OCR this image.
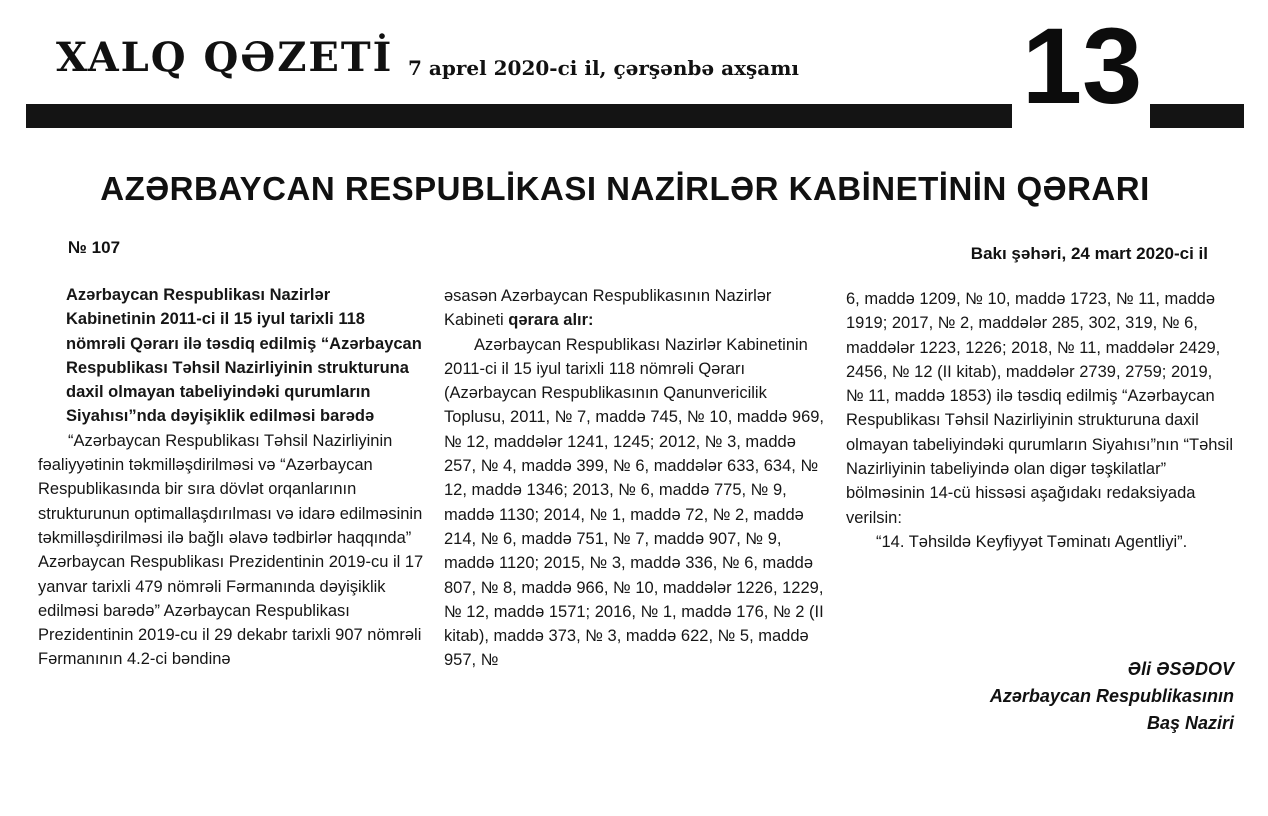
XALQ QƏZETİ 7 aprel 2020-ci il, çərşənbə axşamı 13
AZƏRBAYCAN RESPUBLİKASI NAZİRLƏR KABİNETİNİN QƏRARI
№ 107	Bakı şəhəri, 24 mart 2020-ci il

Azərbaycan Respublikası Nazirlər Kabinetinin 2011-ci il 15 iyul tarixli 118 nömrəli Qərarı ilə təsdiq edilmiş “Azərbaycan Respublikası Təhsil Nazirliyinin strukturuna daxil olmayan tabeliyindəki qurumların Siyahısı”nda dəyişiklik edilməsi barədə

“Azərbaycan Respublikası Təhsil Nazirliyinin fəaliyyətinin təkmilləşdirilməsi və “Azərbaycan Respublikasında bir sıra dövlət orqanlarının strukturunun optimallaşdırılması və idarə edilməsinin təkmilləşdirilməsi ilə bağlı əlavə tədbirlər haqqında” Azərbaycan Respublikası Prezidentinin 2019-cu il 17 yanvar tarixli 479 nömrəli Fərmanında dəyişiklik edilməsi barədə” Azərbaycan Respublikası Prezidentinin 2019-cu il 29 dekabr tarixli 907 nömrəli Fərmanının 4.2-ci bəndinə

əsasən Azərbaycan Respublikasının Nazirlər Kabineti qərara alır:

Azərbaycan Respublikası Nazirlər Kabinetinin 2011-ci il 15 iyul tarixli 118 nömrəli Qərarı (Azərbaycan Respublikasının Qanunvericilik Toplusu, 2011, № 7, maddə 745, № 10, maddə 969, № 12, maddələr 1241, 1245; 2012, № 3, maddə 257, № 4, maddə 399, № 6, maddələr 633, 634, № 12, maddə 1346; 2013, № 6, maddə 775, № 9, maddə 1130; 2014, № 1, maddə 72, № 2, maddə 214, № 6, maddə 751, № 7, maddə 907, № 9, maddə 1120; 2015, № 3, maddə 336, № 6, maddə 807, № 8, maddə 966, № 10, maddələr 1226, 1229, № 12, maddə 1571; 2016, № 1, maddə 176, № 2 (II kitab), maddə 373, № 3, maddə 622, № 5, maddə 957, №

6, maddə 1209, № 10, maddə 1723, № 11, maddə 1919; 2017, № 2, maddələr 285, 302, 319, № 6, maddələr 1223, 1226; 2018, № 11, maddələr 2429, 2456, № 12 (II kitab), maddələr 2739, 2759; 2019, № 11, maddə 1853) ilə təsdiq edilmiş “Azərbaycan Respublikası Təhsil Nazirliyinin strukturuna daxil olmayan tabeliyindəki qurumların Siyahısı”nın “Təhsil Nazirliyinin tabeliyində olan digər təşkilatlar” bölməsinin 14-cü hissəsi aşağıdakı redaksiyada verilsin:

“14. Təhsildə Keyfiyyət Təminatı Agentliyi”.

Əli ƏSƏDOV
Azərbaycan Respublikasının
Baş Naziri
